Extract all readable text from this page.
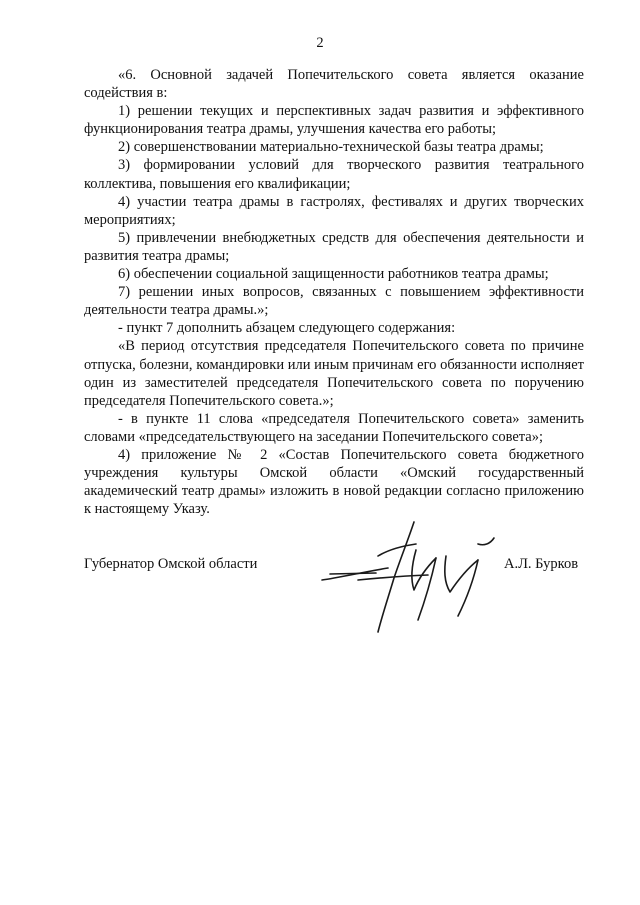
2

«6. Основной задачей Попечительского совета является оказание содействия в:

1) решении текущих и перспективных задач развития и эффективного функционирования театра драмы, улучшения качества его работы;

2) совершенствовании материально-технической базы театра драмы;

3) формировании условий для творческого развития театрального коллектива, повышения его квалификации;

4) участии театра драмы в гастролях, фестивалях и других творческих мероприятиях;

5) привлечении внебюджетных средств для обеспечения деятельности и развития театра драмы;

6) обеспечении социальной защищенности работников театра драмы;

7) решении иных вопросов, связанных с повышением эффективности деятельности театра драмы.»;

- пункт 7 дополнить абзацем следующего содержания:

«В период отсутствия председателя Попечительского совета по причине отпуска, болезни, командировки или иным причинам его обязанности исполняет один из заместителей председателя Попечительского совета по поручению председателя Попечительского совета.»;

- в пункте 11 слова «председателя Попечительского совета» заменить словами «председательствующего на заседании Попечительского совета»;

4) приложение № 2 «Состав Попечительского совета бюджетного учреждения культуры Омской области «Омский государственный академический театр драмы» изложить в новой редакции согласно приложению к настоящему Указу.

Губернатор Омской области	А.Л. Бурков
